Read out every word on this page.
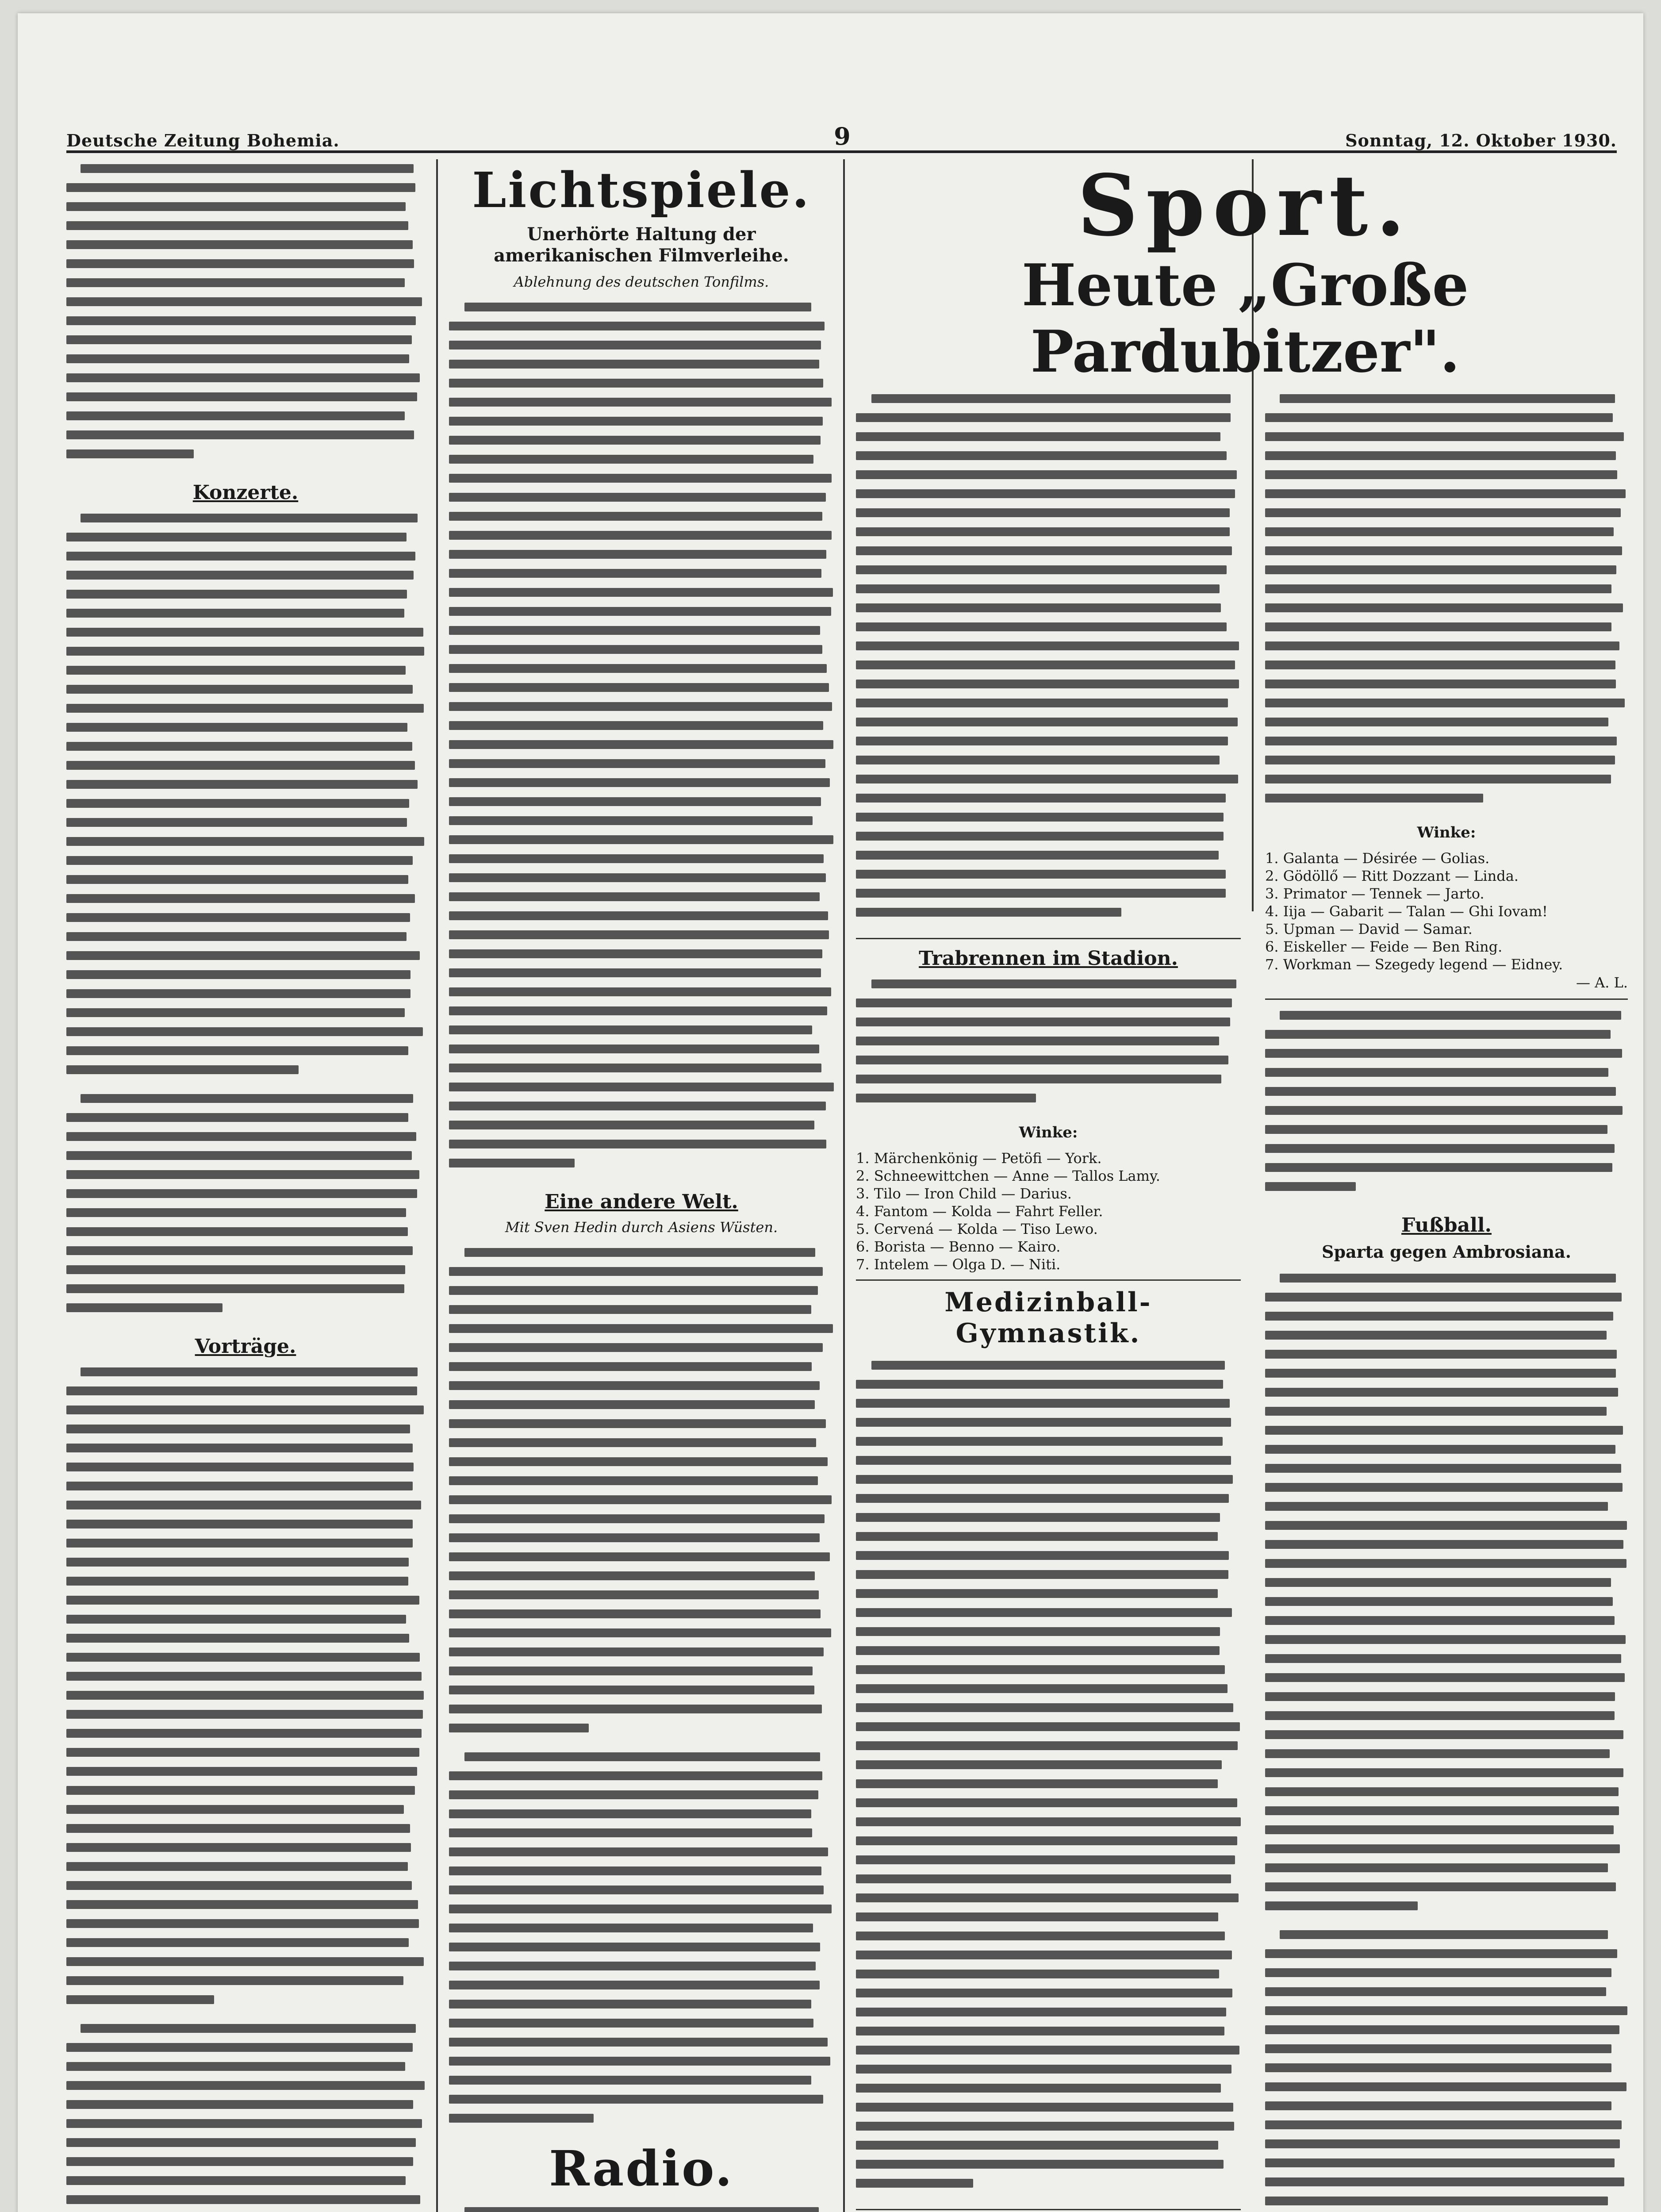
Deutsche Zeitung Bohemia.	9	Sonntag, 12. Oktober 1930.
Konzerte.
Vorträge.
Lichtspiele.
Unerhörte Haltung der amerikanischen Filmverleihe.
Ablehnung des deutschen Tonfilms.
Eine andere Welt.
Mit Sven Hedin durch Asiens Wüsten.
Radio.
Sport.
Heute „Große Pardubitzer".
Trabrennen im Stadion.
Winke:
1. Märchenkönig — Petöfi — York.
2. Schneewittchen — Anne — Tallos Lamy.
3. Tilo — Iron Child — Darius.
4. Fantom — Kolda — Fahrt Feller.
5. Cervená — Kolda — Tiso Lewo.
6. Borista — Benno — Kairo.
7. Intelem — Olga D. — Niti.
Medizinball-Gymnastik.
Winke:
1. Galanta — Désirée — Golias.
2. Gödöllő — Ritt Dozzant — Linda.
3. Primator — Tennek — Jarto.
4. Iija — Gabarit — Talan — Ghi Iovam!
5. Upman — David — Samar.
6. Eiskeller — Feide — Ben Ring.
7. Workman — Szegedy legend — Eidney.
— A. L.
Fußball.
Sparta gegen Ambrosiana.
